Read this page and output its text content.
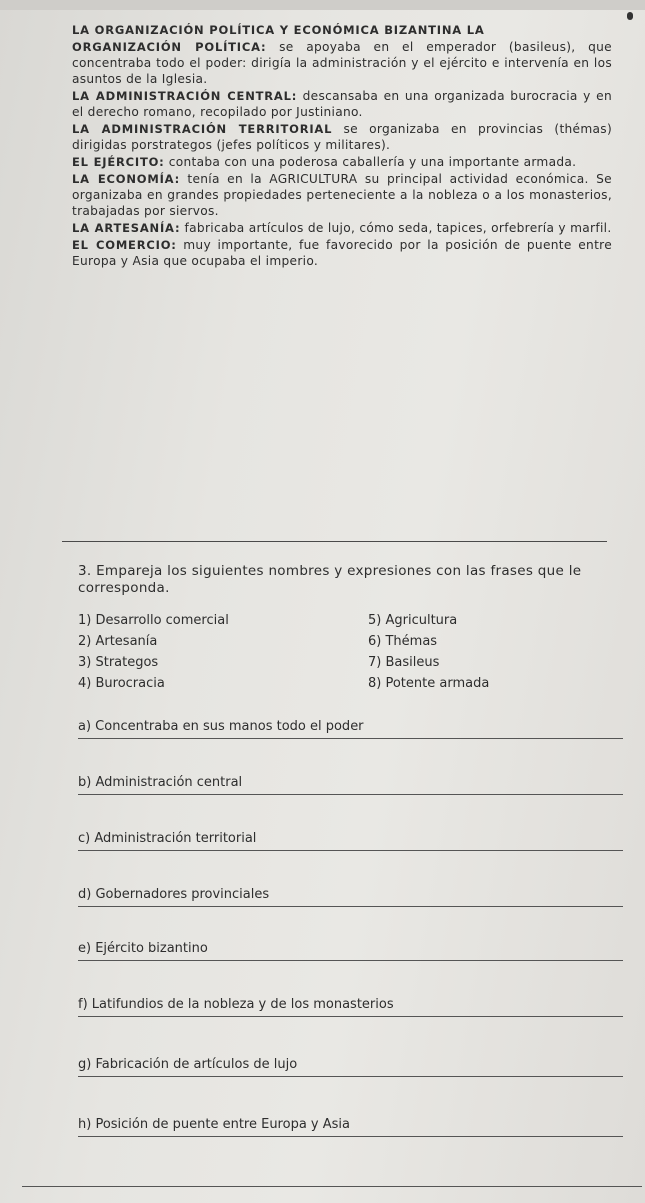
LA ORGANIZACIÓN POLÍTICA Y ECONÓMICA BIZANTINA LA

ORGANIZACIÓN POLÍTICA: se apoyaba en el emperador (basileus), que concentraba todo el poder: dirigía la administración y el ejército e intervenía en los asuntos de la Iglesia.

LA ADMINISTRACIÓN CENTRAL: descansaba en una organizada burocracia y en el derecho romano, recopilado por Justiniano.

LA ADMINISTRACIÓN TERRITORIAL se organizaba en provincias (thémas) dirigidas porstrategos (jefes políticos y militares).

EL EJÉRCITO: contaba con una poderosa caballería y una importante armada.

LA ECONOMÍA: tenía en la AGRICULTURA su principal actividad económica. Se organizaba en grandes propiedades perteneciente a la nobleza o a los monasterios, trabajadas por siervos.

LA ARTESANÍA: fabricaba artículos de lujo, cómo seda, tapices, orfebrería y marfil.

EL COMERCIO: muy importante, fue favorecido por la posición de puente entre Europa y Asia que ocupaba el imperio.

3. Empareja los siguientes nombres y expresiones con las frases que le corresponda.
1) Desarrollo comercial	5) Agricultura
2) Artesanía	6) Thémas
3) Strategos	7) Basileus
4) Burocracia	8) Potente armada
a) Concentraba en sus manos todo el poder
b) Administración central
c) Administración territorial
d) Gobernadores provinciales
e) Ejército bizantino
f) Latifundios de la nobleza y de los monasterios
g) Fabricación de artículos de lujo
h) Posición de puente entre Europa y Asia
